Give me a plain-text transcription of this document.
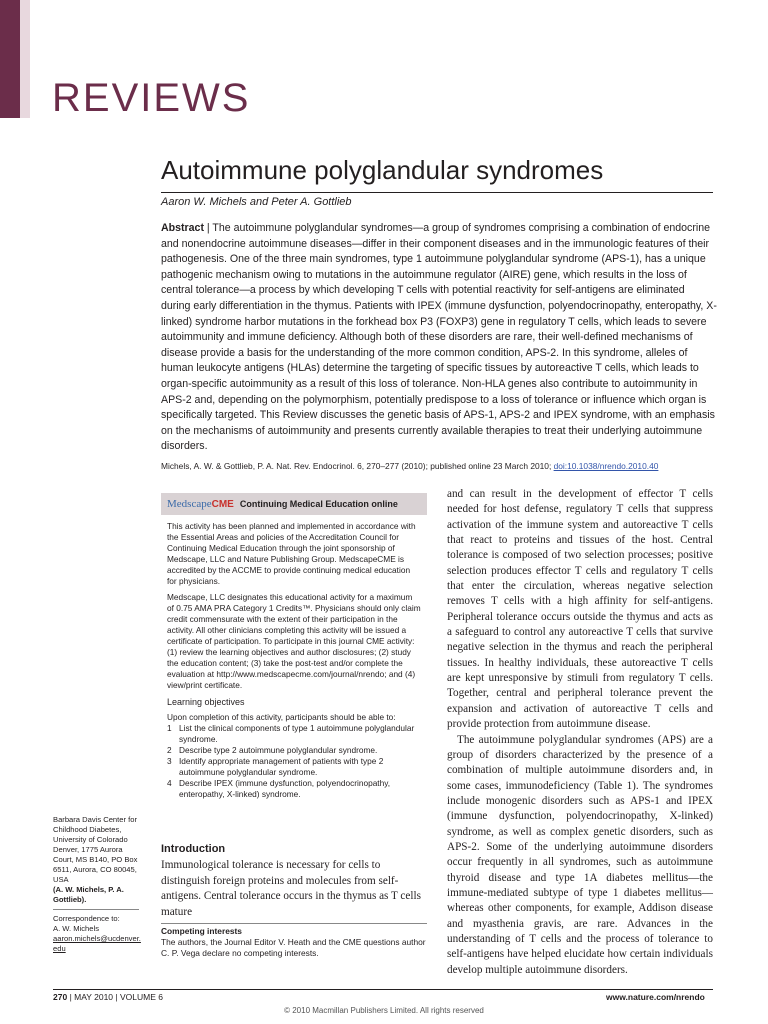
REVIEWS
Autoimmune polyglandular syndromes
Aaron W. Michels and Peter A. Gottlieb
Abstract | The autoimmune polyglandular syndromes—a group of syndromes comprising a combination of endocrine and nonendocrine autoimmune diseases—differ in their component diseases and in the immunologic features of their pathogenesis. One of the three main syndromes, type 1 autoimmune polyglandular syndrome (APS-1), has a unique pathogenic mechanism owing to mutations in the autoimmune regulator (AIRE) gene, which results in the loss of central tolerance—a process by which developing T cells with potential reactivity for self-antigens are eliminated during early differentiation in the thymus. Patients with IPEX (immune dysfunction, polyendocrinopathy, enteropathy, X-linked) syndrome harbor mutations in the forkhead box P3 (FOXP3) gene in regulatory T cells, which leads to severe autoimmunity and immune deficiency. Although both of these disorders are rare, their well-defined mechanisms of disease provide a basis for the understanding of the more common condition, APS-2. In this syndrome, alleles of human leukocyte antigens (HLAs) determine the targeting of specific tissues by autoreactive T cells, which leads to organ-specific autoimmunity as a result of this loss of tolerance. Non-HLA genes also contribute to autoimmunity in APS-2 and, depending on the polymorphism, potentially predispose to a loss of tolerance or influence which organ is specifically targeted. This Review discusses the genetic basis of APS-1, APS-2 and IPEX syndrome, with an emphasis on the mechanisms of autoimmunity and presents currently available therapies to treat their underlying autoimmune disorders.
Michels, A. W. & Gottlieb, P. A. Nat. Rev. Endocrinol. 6, 270–277 (2010); published online 23 March 2010; doi:10.1038/nrendo.2010.40
MedscapeCME Continuing Medical Education online

This activity has been planned and implemented in accordance with the Essential Areas and policies of the Accreditation Council for Continuing Medical Education through the joint sponsorship of Medscape, LLC and Nature Publishing Group. MedscapeCME is accredited by the ACCME to provide continuing medical education for physicians.

Medscape, LLC designates this educational activity for a maximum of 0.75 AMA PRA Category 1 Credits™. Physicians should only claim credit commensurate with the extent of their participation in the activity. All other clinicians completing this activity will be issued a certificate of participation. To participate in this journal CME activity: (1) review the learning objectives and author disclosures; (2) study the education content; (3) take the post-test and/or complete the evaluation at http://www.medscapecme.com/journal/nrendo; and (4) view/print certificate.

Learning objectives
Upon completion of this activity, participants should be able to:
1 List the clinical components of type 1 autoimmune polyglandular syndrome.
2 Describe type 2 autoimmune polyglandular syndrome.
3 Identify appropriate management of patients with type 2 autoimmune polyglandular syndrome.
4 Describe IPEX (immune dysfunction, polyendocrinopathy, enteropathy, X-linked) syndrome.
Barbara Davis Center for Childhood Diabetes, University of Colorado Denver, 1775 Aurora Court, MS B140, PO Box 6511, Aurora, CO 80045, USA
(A. W. Michels, P. A. Gottlieb).
Correspondence to:
A. W. Michels
aaron.michels@ucdenver.edu
Introduction
Immunological tolerance is necessary for cells to distinguish foreign proteins and molecules from self-antigens. Central tolerance occurs in the thymus as T cells mature
Competing interests
The authors, the Journal Editor V. Heath and the CME questions author C. P. Vega declare no competing interests.

and can result in the development of effector T cells needed for host defense, regulatory T cells that suppress activation of the immune system and autoreactive T cells that react to proteins and tissues of the host. Central tolerance is composed of two selection processes; positive selection produces effector T cells and regulatory T cells that enter the circulation, whereas negative selection removes T cells with a high affinity for self-antigens. Peripheral tolerance occurs outside the thymus and acts as a safeguard to control any autoreactive T cells that survive negative selection in the thymus and reach the peripheral tissues. In healthy individuals, these autoreactive T cells are kept unresponsive by stimuli from regulatory T cells. Together, central and peripheral tolerance prevent the expansion and activation of autoreactive T cells and provide protection from autoimmune disease.

The autoimmune polyglandular syndromes (APS) are a group of disorders characterized by the presence of a combination of multiple autoimmune disorders and, in some cases, immunodeficiency (Table 1). The syndromes include monogenic disorders such as APS-1 and IPEX (immune dysfunction, polyendocrinopathy, X-linked) syndrome, as well as complex genetic disorders, such as APS-2. Some of the underlying autoimmune disorders occur frequently in all syndromes, such as autoimmune thyroid disease and type 1A diabetes mellitus—the immune-mediated subtype of type 1 diabetes mellitus—whereas other components, for example, Addison disease and myasthenia gravis, are rare. Advances in the understanding of T cells and the process of tolerance to self-antigens have helped elucidate how certain individuals develop multiple autoimmune disorders.

270 | MAY 2010 | VOLUME 6	www.nature.com/nrendo
© 2010 Macmillan Publishers Limited. All rights reserved
